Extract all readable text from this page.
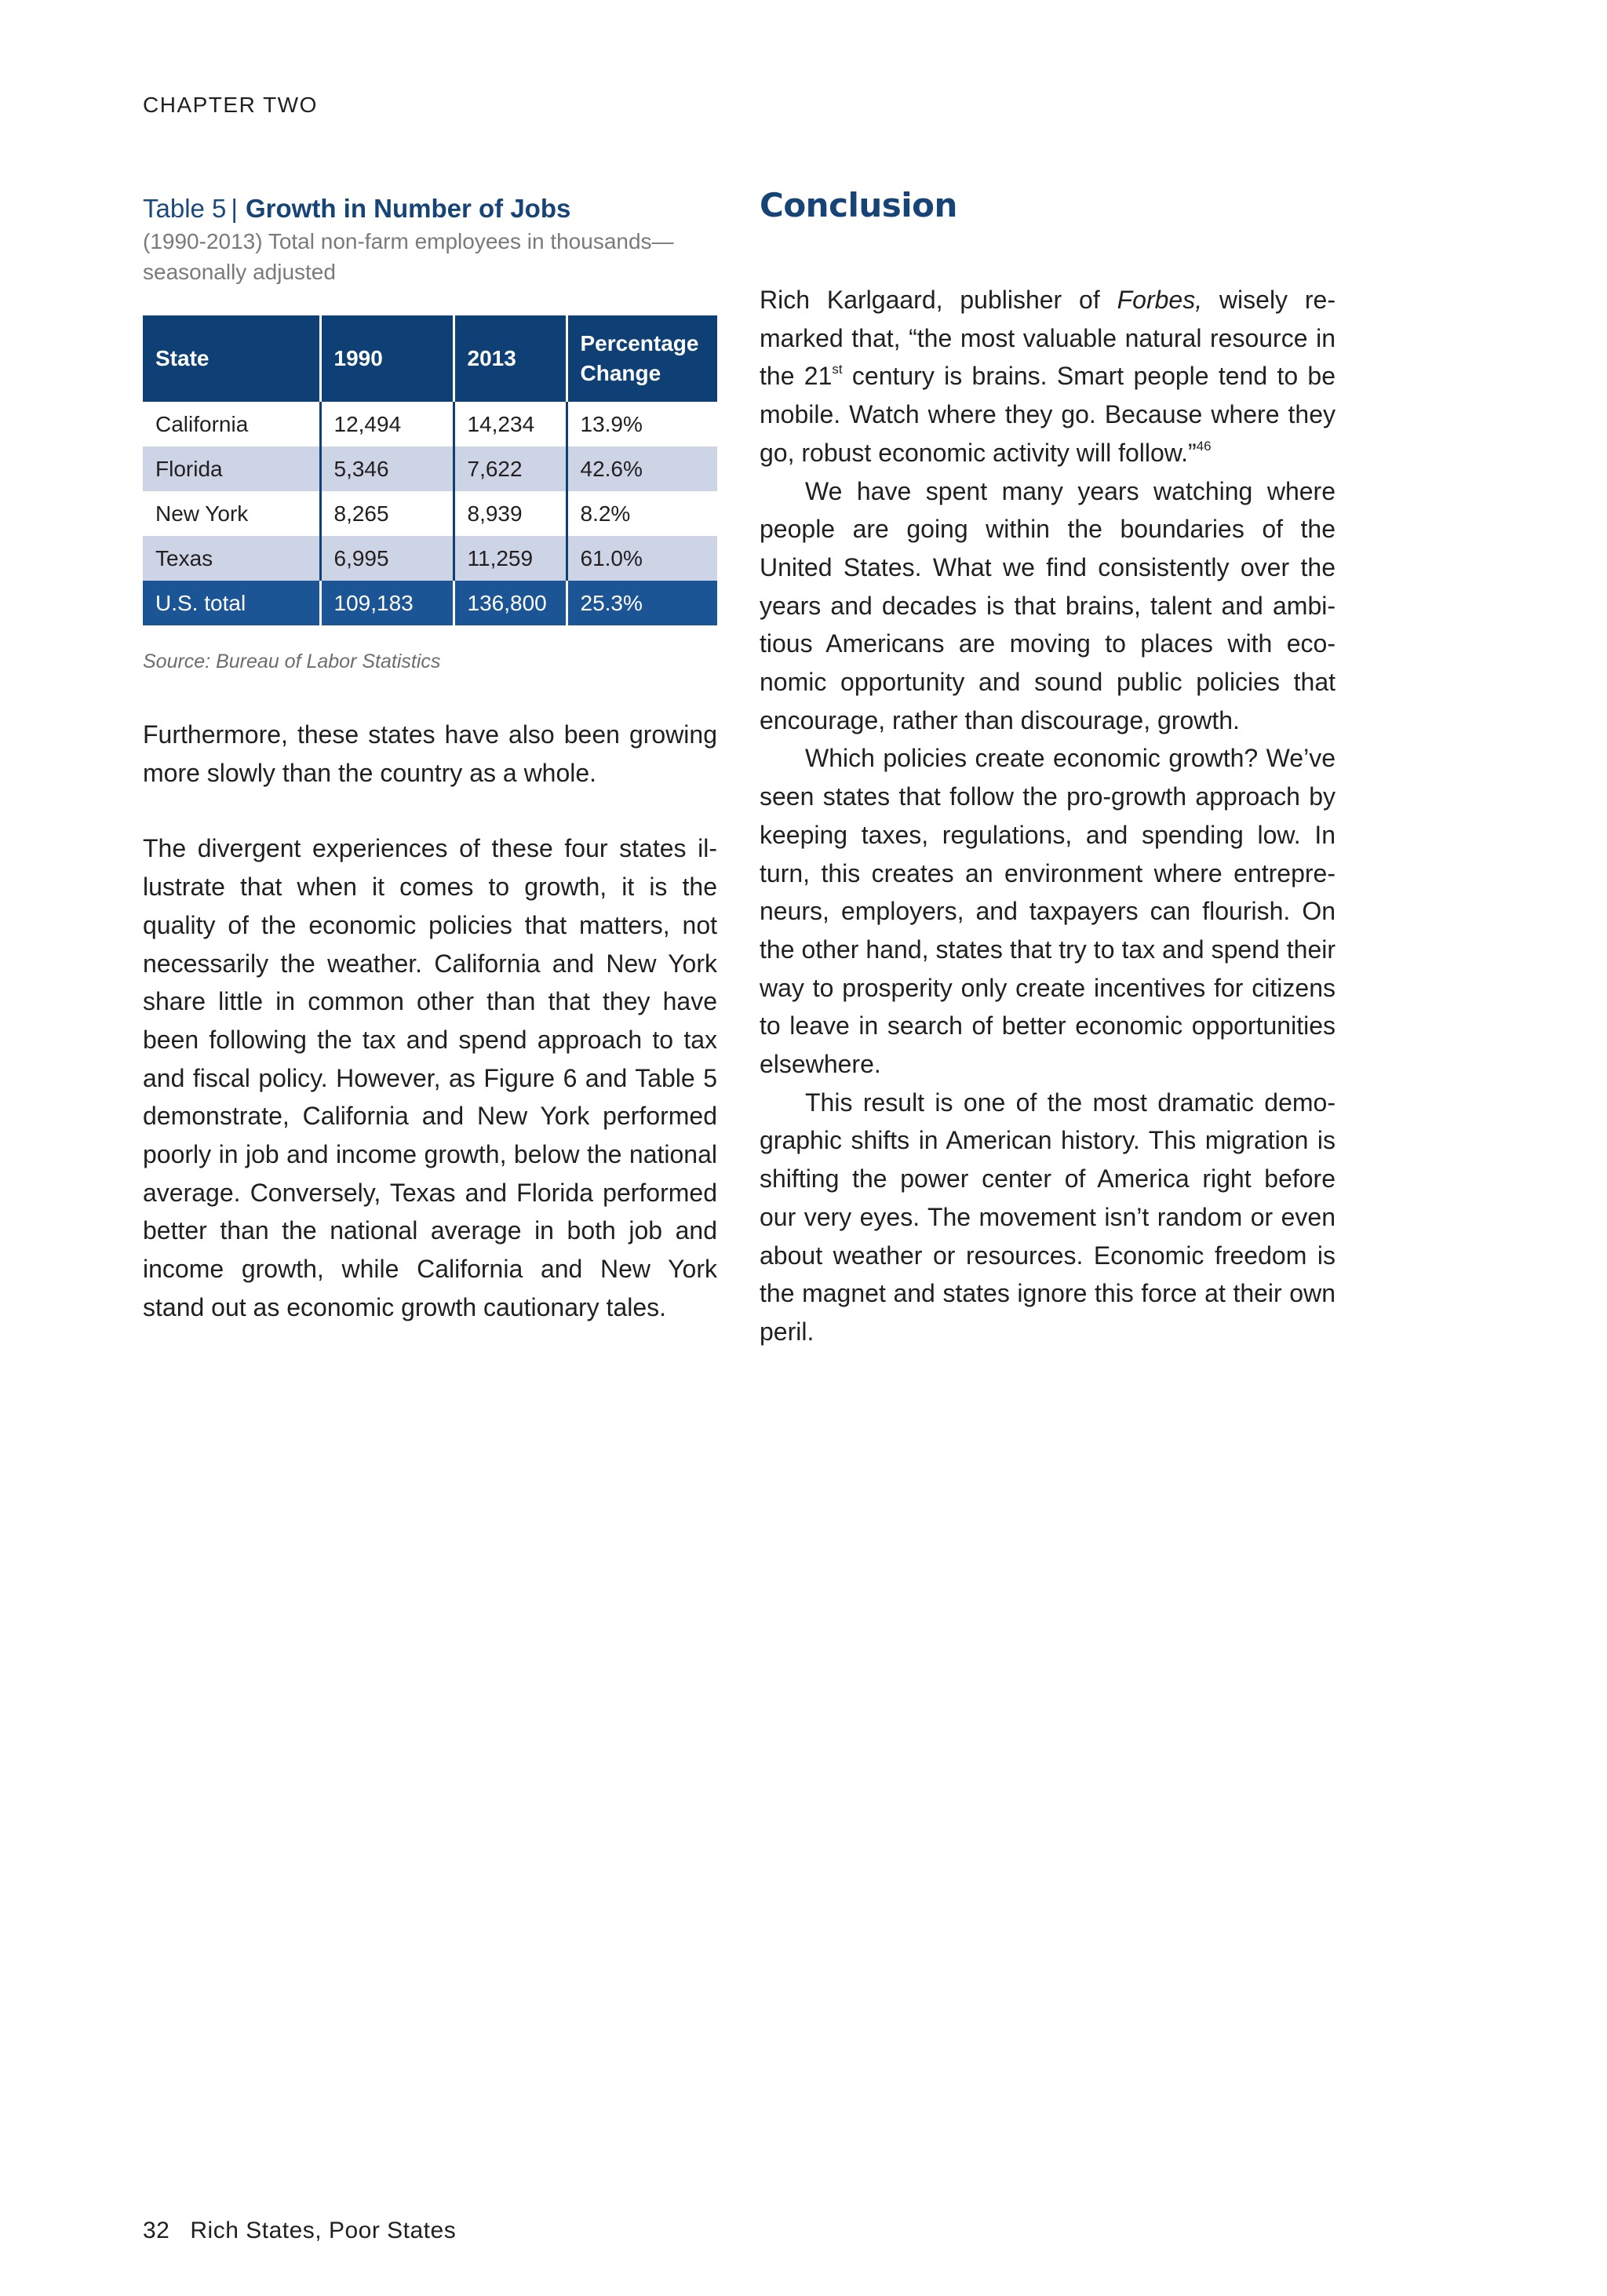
CHAPTER TWO
Table 5 | Growth in Number of Jobs
(1990-2013) Total non-farm employees in thousands—seasonally adjusted
State	1990	2013	Percentage Change
California	12,494	14,234	13.9%
Florida	5,346	7,622	42.6%
New York	8,265	8,939	8.2%
Texas	6,995	11,259	61.0%
U.S. total	109,183	136,800	25.3%
Source: Bureau of Labor Statistics

Furthermore, these states have also been growing more slowly than the country as a whole.

The divergent experiences of these four states illustrate that when it comes to growth, it is the quality of the economic policies that matters, not necessarily the weather. California and New York share little in common other than that they have been following the tax and spend approach to tax and fiscal policy. However, as Figure 6 and Table 5 demonstrate, California and New York performed poorly in job and income growth, below the national average. Conversely, Texas and Florida performed better than the national average in both job and income growth, while California and New York stand out as economic growth cautionary tales.

Conclusion

Rich Karlgaard, publisher of Forbes, wisely remarked that, “the most valuable natural resource in the 21st century is brains. Smart people tend to be mobile. Watch where they go. Because where they go, robust economic activity will follow.”$^{46}$

We have spent many years watching where people are going within the boundaries of the United States. What we find consistently over the years and decades is that brains, talent and ambitious Americans are moving to places with economic opportunity and sound public policies that encourage, rather than discourage, growth.

Which policies create economic growth? We’ve seen states that follow the pro-growth approach by keeping taxes, regulations, and spending low. In turn, this creates an environment where entrepreneurs, employers, and taxpayers can flourish. On the other hand, states that try to tax and spend their way to prosperity only create incentives for citizens to leave in search of better economic opportunities elsewhere.

This result is one of the most dramatic demographic shifts in American history. This migration is shifting the power center of America right before our very eyes. The movement isn’t random or even about weather or resources. Economic freedom is the magnet and states ignore this force at their own peril.

32 Rich States, Poor States
